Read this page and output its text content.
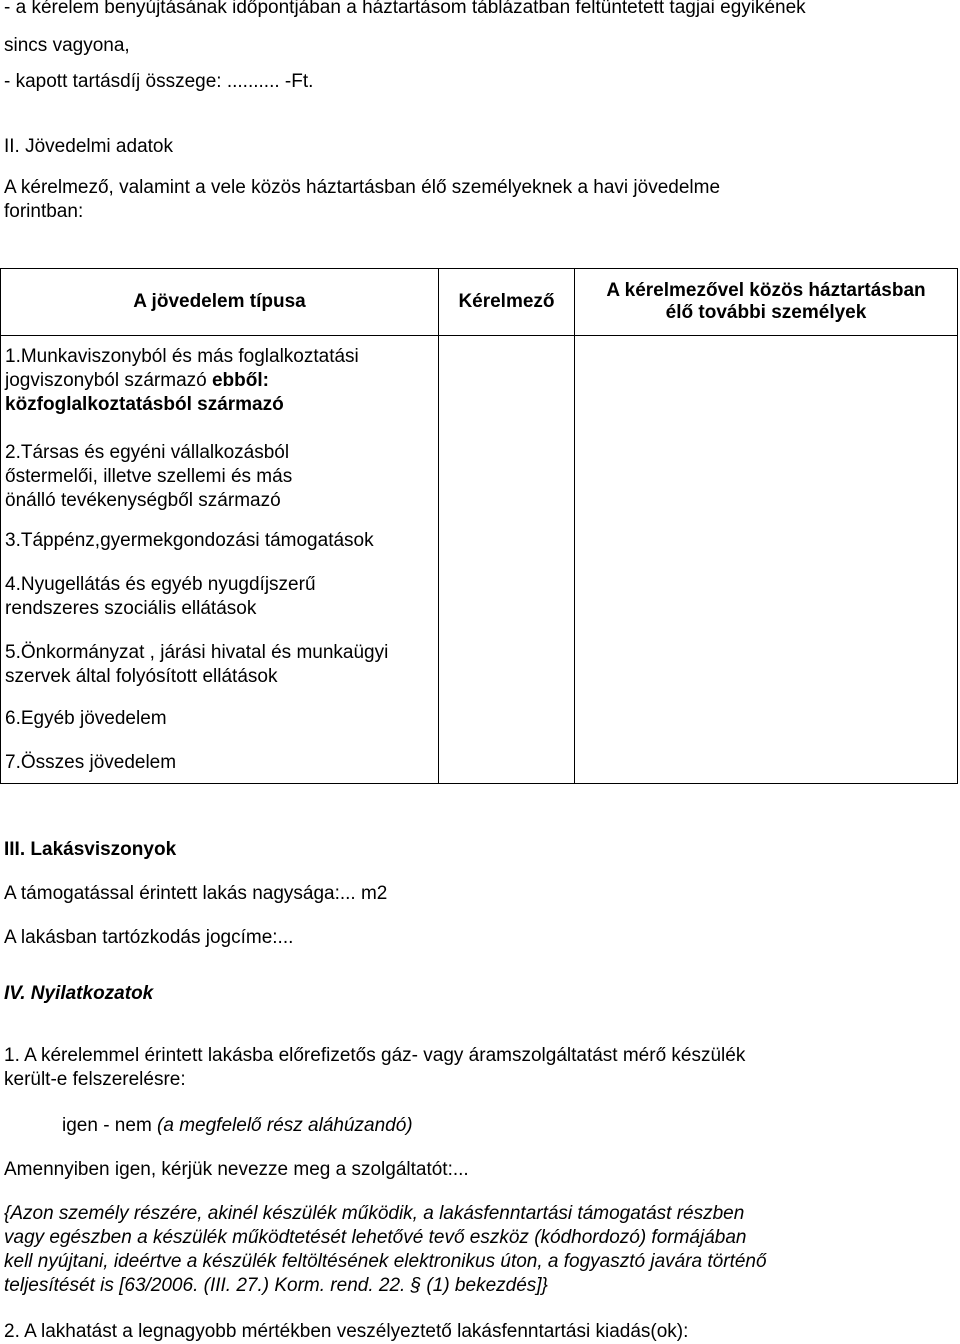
- a kérelem benyújtásának időpontjában a háztartásom táblázatban feltüntetett tagjai egyikének
sincs vagyona,
- kapott tartásdíj összege: .......... -Ft.
II. Jövedelmi adatok
A kérelmező, valamint a vele közös háztartásban élő személyeknek a havi jövedelme
forintban:
A jövedelem típusa	Kérelmező
A kérelmezővel közös háztartásban
élő további személyek
1.Munkaviszonyból és más foglalkoztatási
jogviszonyból származó ebből:
közfoglalkoztatásból származó
2.Társas és egyéni vállalkozásból
őstermelői, illetve szellemi és más
önálló tevékenységből származó
3.Táppénz,gyermekgondozási támogatások
4.Nyugellátás és egyéb nyugdíjszerű
rendszeres szociális ellátások
5.Önkormányzat , járási hivatal és munkaügyi
szervek által folyósított ellátások
6.Egyéb jövedelem
7.Összes jövedelem
III. Lakásviszonyok
A támogatással érintett lakás nagysága:... m2
A lakásban tartózkodás jogcíme:...
IV. Nyilatkozatok
1. A kérelemmel érintett lakásba előrefizetős gáz- vagy áramszolgáltatást mérő készülék
került-e felszerelésre:
igen - nem (a megfelelő rész aláhúzandó)
Amennyiben igen, kérjük nevezze meg a szolgáltatót:...
{Azon személy részére, akinél készülék működik, a lakásfenntartási támogatást részben
vagy egészben a készülék működtetését lehetővé tevő eszköz (kódhordozó) formájában
kell nyújtani, ideértve a készülék feltöltésének elektronikus úton, a fogyasztó javára történő
teljesítését is [63/2006. (III. 27.) Korm. rend. 22. § (1) bekezdés]}
2. A lakhatást a legnagyobb mértékben veszélyeztető lakásfenntartási kiadás(ok):
